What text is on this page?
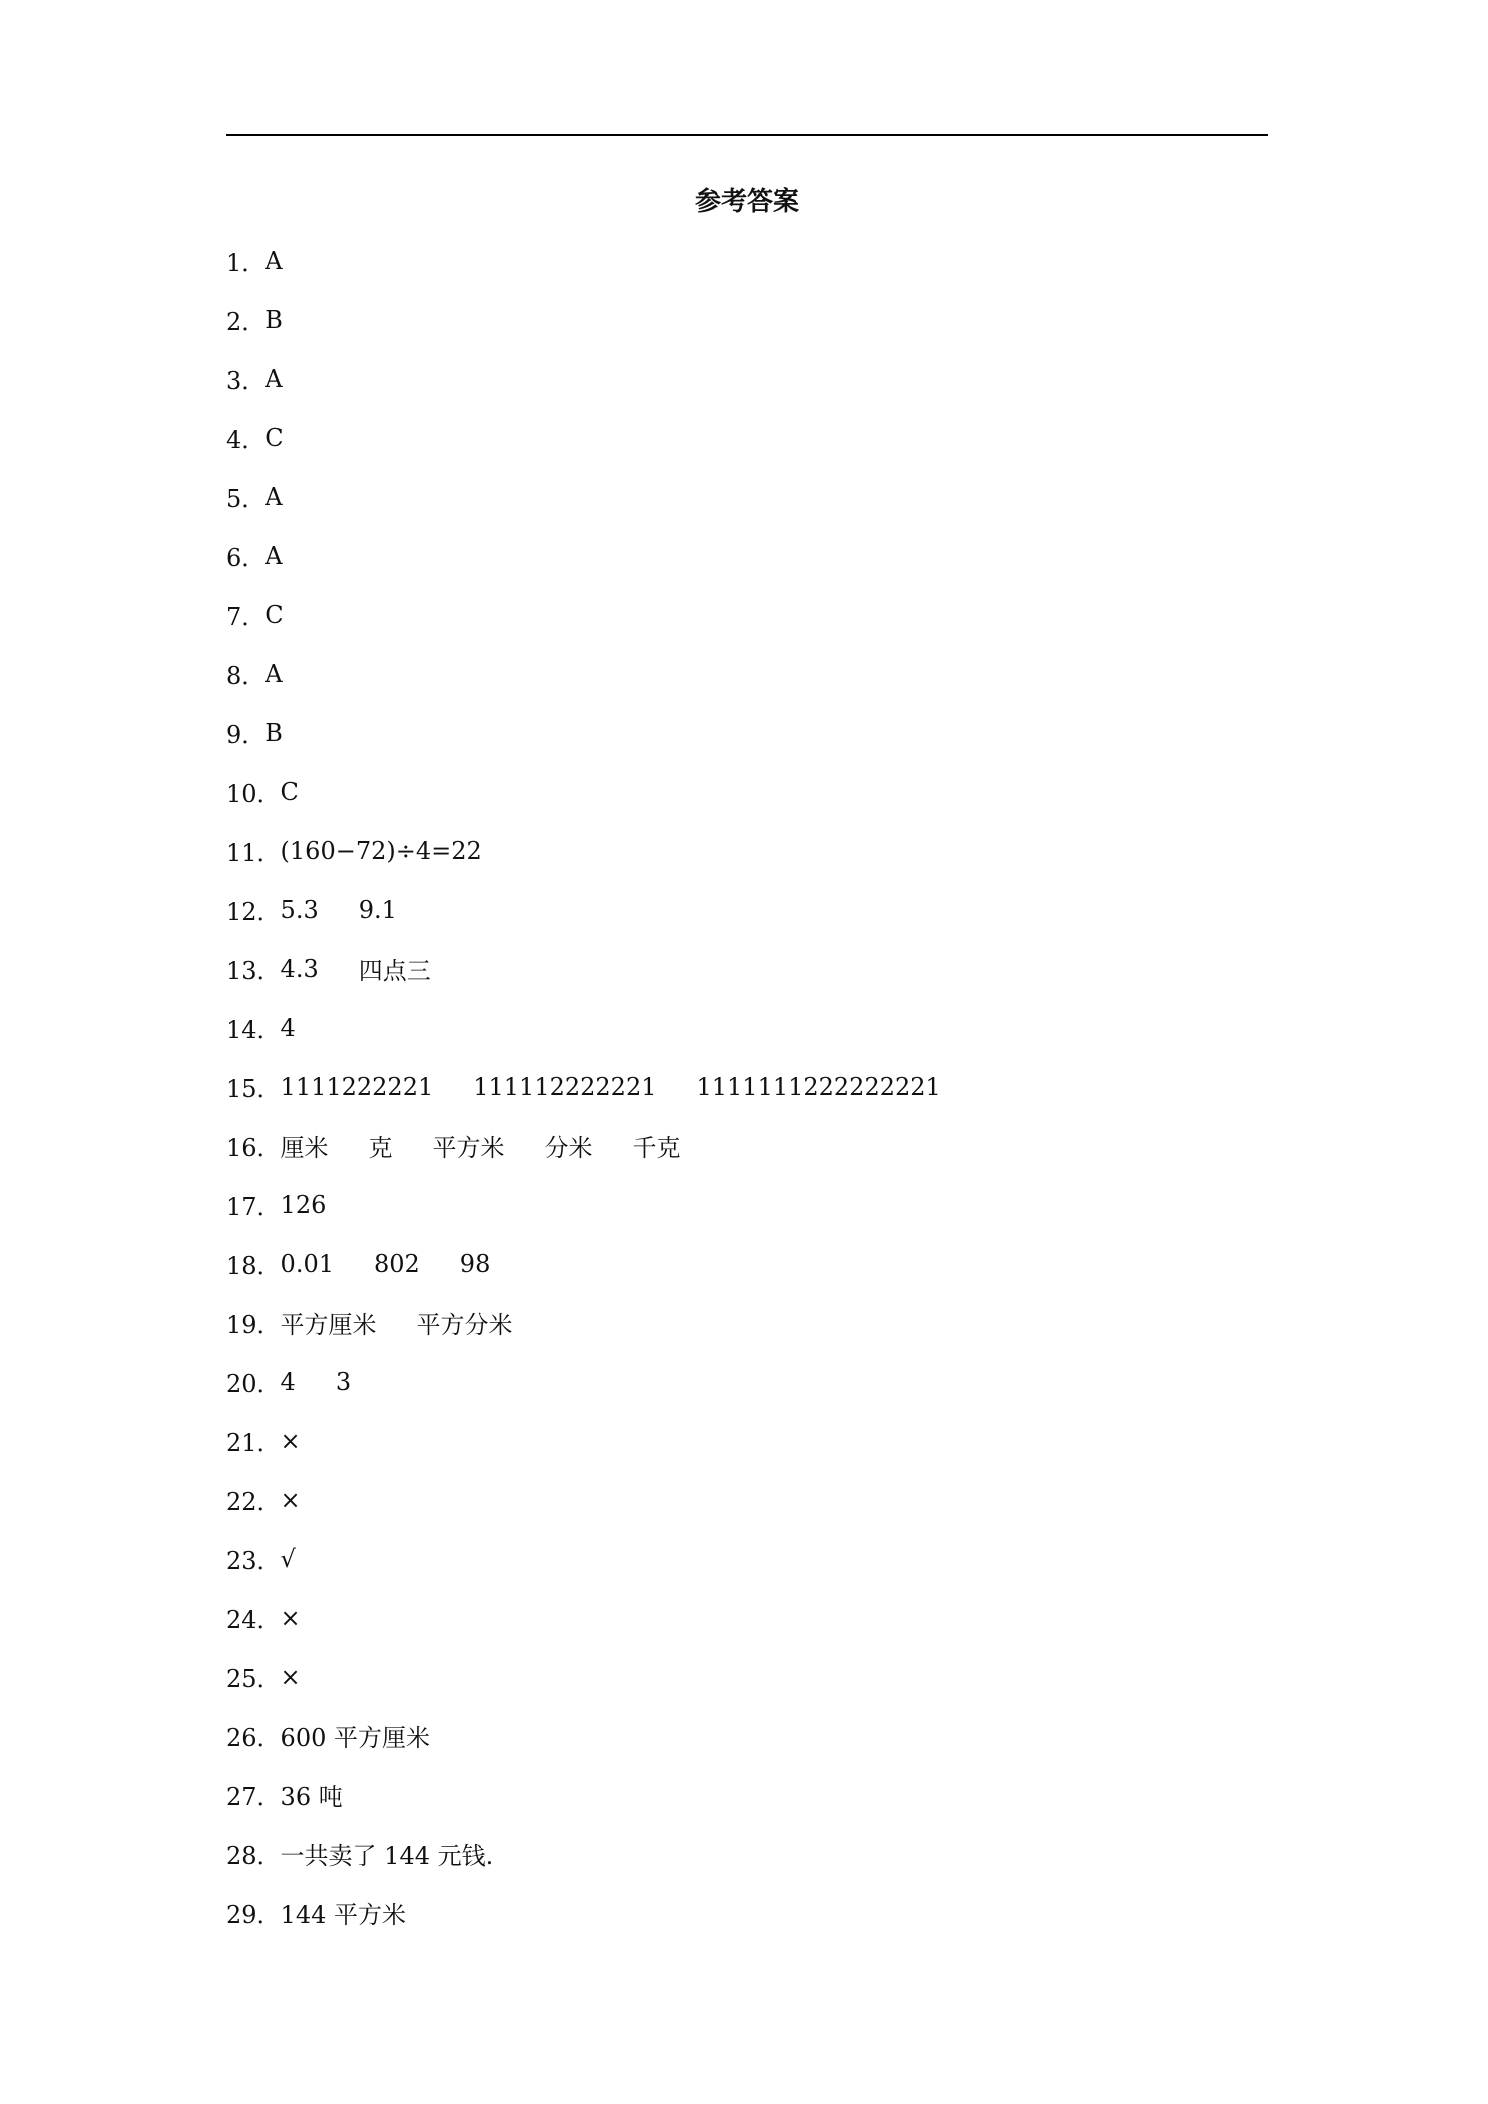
参考答案
1． A
2． B
3． A
4． C
5． A
6． A
7． C
8． A
9． B
10． C
11． (160−72)÷4=22
12． 5.3 9.1
13． 4.3 四点三
14． 4
15． 1111222221 111112222221 1111111222222221
16． 厘米 克 平方米 分米 千克
17． 126
18． 0.01 802 98
19． 平方厘米 平方分米
20． 4 3
21． ×
22． ×
23． √
24． ×
25． ×
26． 600 平方厘米
27． 36 吨
28． 一共卖了 144 元钱.
29． 144 平方米
